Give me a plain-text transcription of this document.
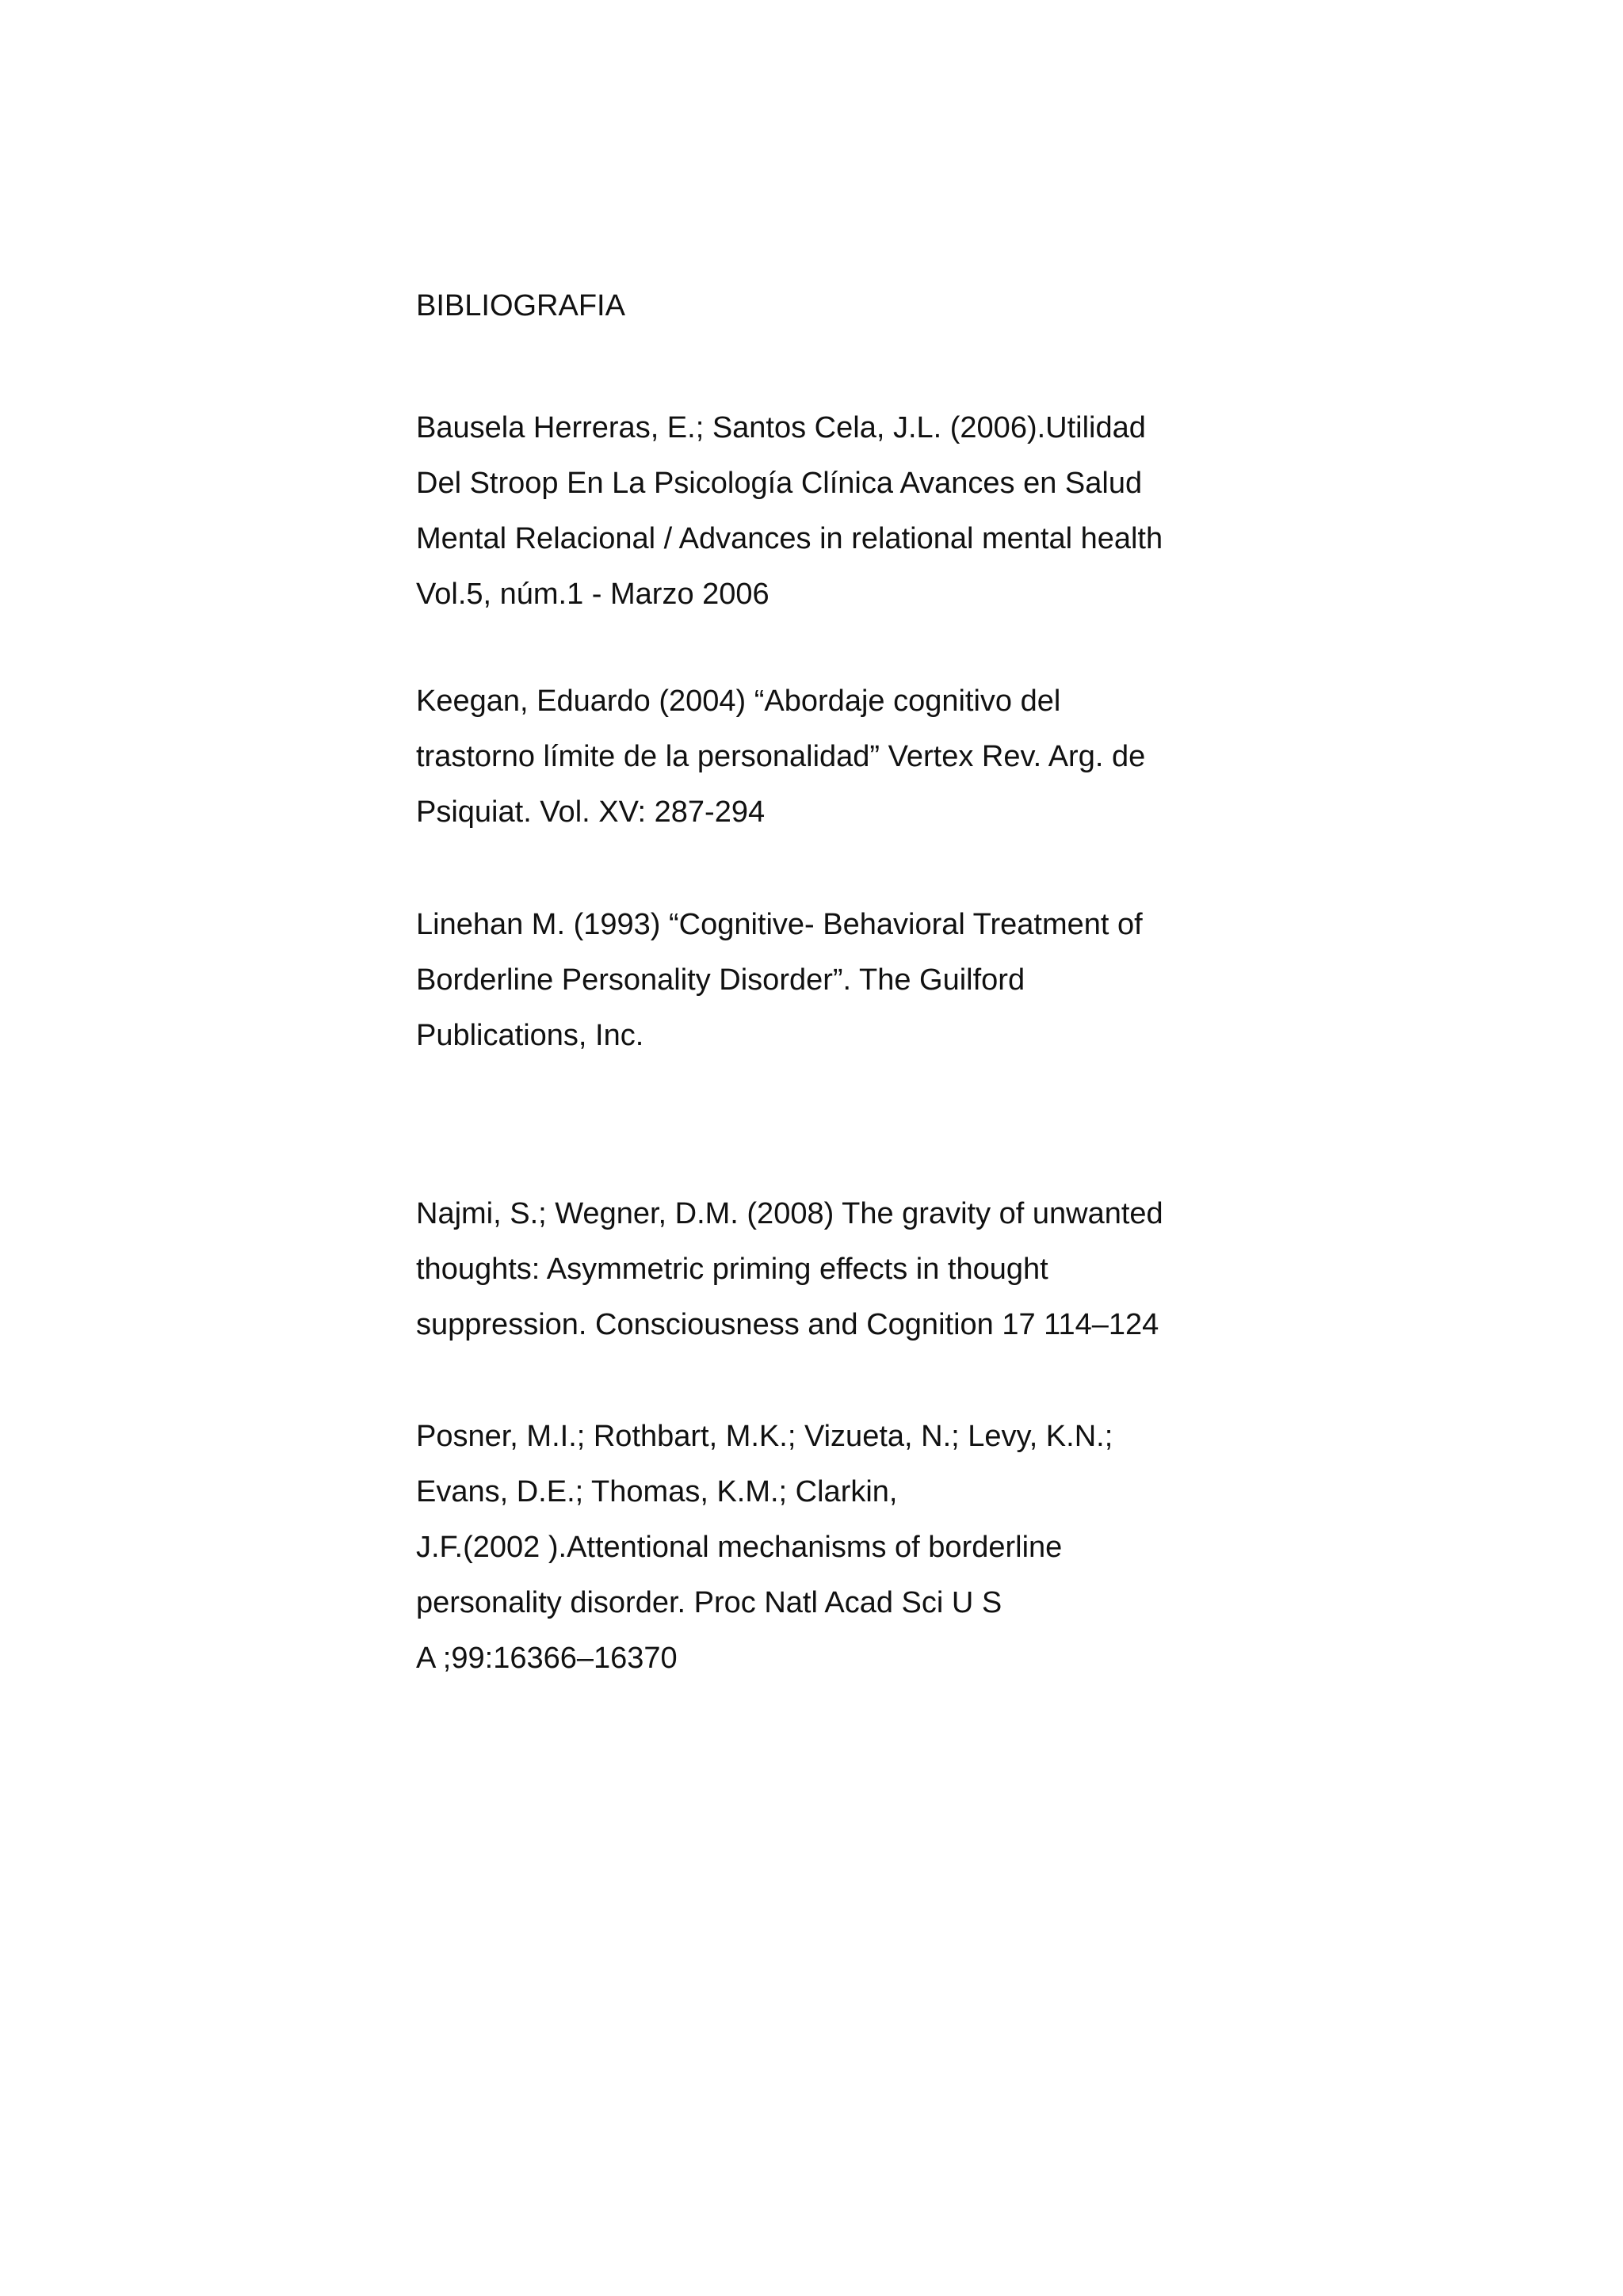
BIBLIOGRAFIA
Bausela Herreras, E.; Santos Cela, J.L. (2006).Utilidad
Del Stroop En La Psicología Clínica Avances en Salud
Mental Relacional / Advances in relational mental health
Vol.5, núm.1 - Marzo 2006
Keegan, Eduardo (2004) “Abordaje cognitivo del
trastorno límite de la personalidad” Vertex Rev. Arg. de
Psiquiat. Vol. XV: 287-294
Linehan M. (1993) “Cognitive- Behavioral Treatment of
Borderline Personality Disorder”. The Guilford
Publications, Inc.
Najmi, S.; Wegner, D.M. (2008) The gravity of unwanted
thoughts: Asymmetric priming effects in thought
suppression. Consciousness and Cognition 17 114–124
Posner, M.I.; Rothbart, M.K.; Vizueta, N.; Levy, K.N.;
Evans, D.E.; Thomas, K.M.; Clarkin,
J.F.(2002 ).Attentional mechanisms of borderline
personality disorder. Proc Natl Acad Sci U S
A ;99:16366–16370
